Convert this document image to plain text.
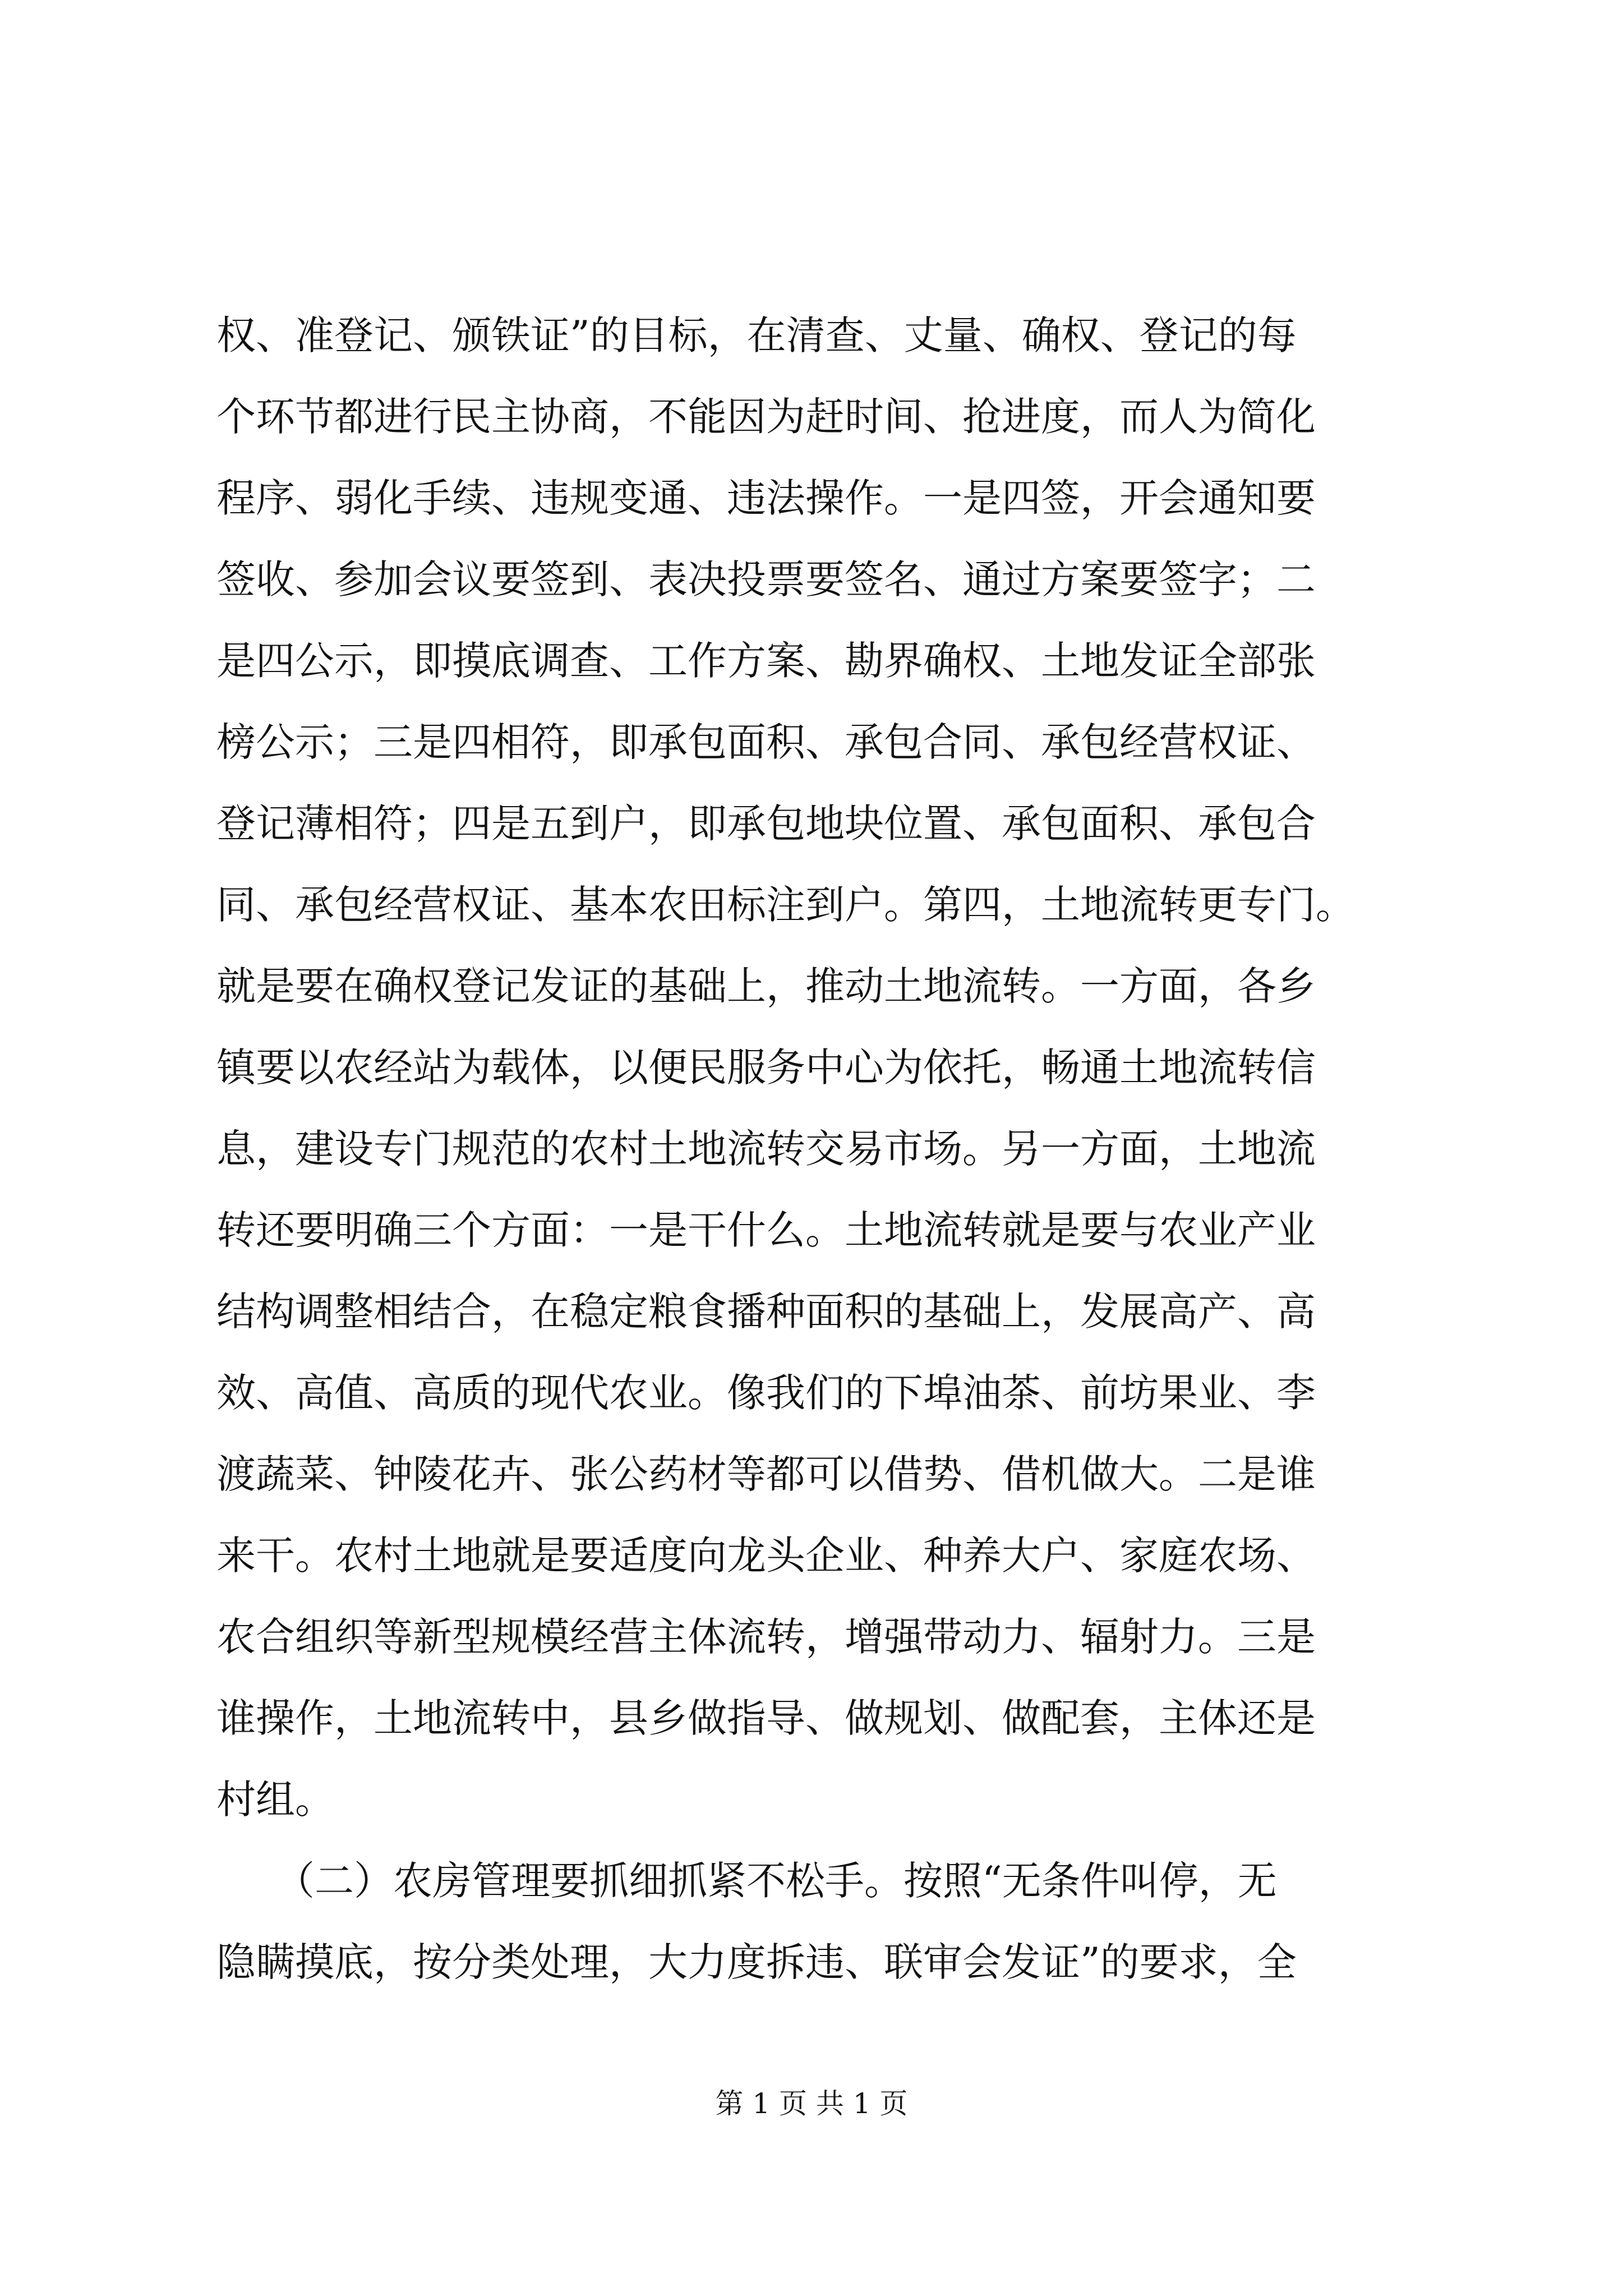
权、准登记、颁铁证”的目标，在清查、丈量、确权、登记的每
个环节都进行民主协商，不能因为赶时间、抢进度，而人为简化
程序、弱化手续、违规变通、违法操作。一是四签，开会通知要
签收、参加会议要签到、表决投票要签名、通过方案要签字；二
是四公示，即摸底调查、工作方案、勘界确权、土地发证全部张
榜公示；三是四相符，即承包面积、承包合同、承包经营权证、
登记薄相符；四是五到户，即承包地块位置、承包面积、承包合
同、承包经营权证、基本农田标注到户。第四，土地流转更专门。
就是要在确权登记发证的基础上，推动土地流转。一方面，各乡
镇要以农经站为载体，以便民服务中心为依托，畅通土地流转信
息，建设专门规范的农村土地流转交易市场。另一方面，土地流
转还要明确三个方面：一是干什么。土地流转就是要与农业产业
结构调整相结合，在稳定粮食播种面积的基础上，发展高产、高
效、高值、高质的现代农业。像我们的下埠油茶、前坊果业、李
渡蔬菜、钟陵花卉、张公药材等都可以借势、借机做大。二是谁
来干。农村土地就是要适度向龙头企业、种养大户、家庭农场、
农合组织等新型规模经营主体流转，增强带动力、辐射力。三是
谁操作，土地流转中，县乡做指导、做规划、做配套，主体还是
村组。
　　（二）农房管理要抓细抓紧不松手。按照“无条件叫停，无
隐瞒摸底，按分类处理，大力度拆违、联审会发证”的要求，全
第 1 页 共 1 页
